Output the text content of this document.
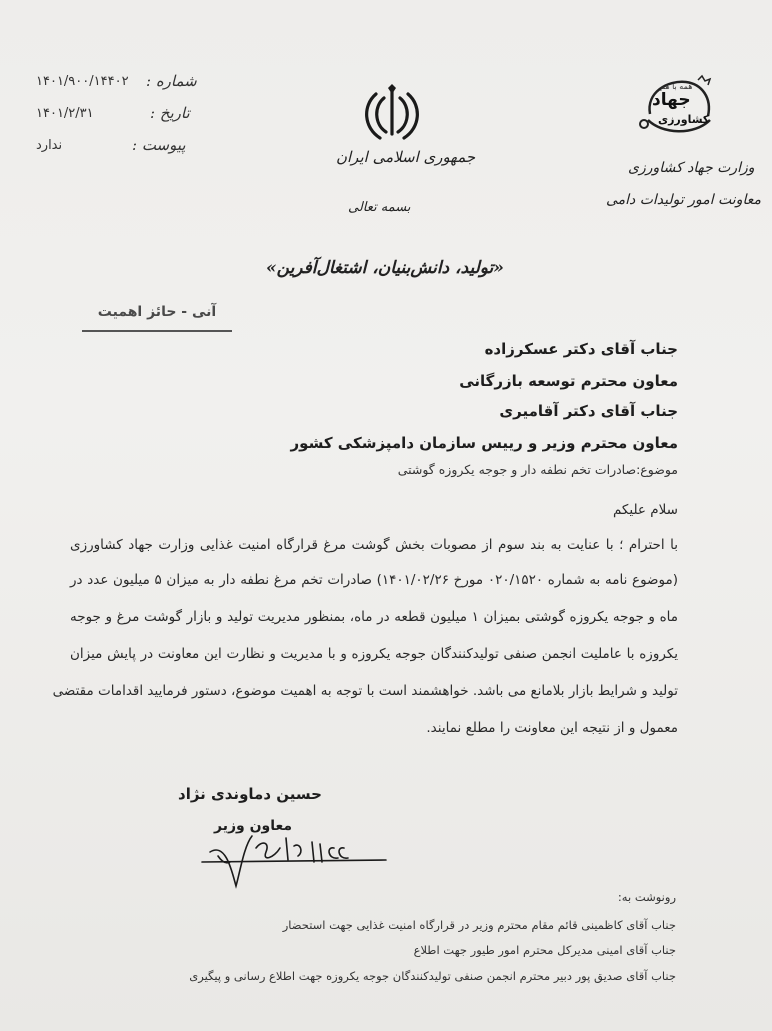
شماره :
۱۴۰۱/۹۰۰/۱۴۴۰۲
تاریخ :
۱۴۰۱/۲/۳۱
پیوست :
ندارد
جمهوری اسلامی ایران
همه با هم
جهاد
کشاورزی
وزارت جهاد کشاورزی
معاونت امور تولیدات دامی
بسمه تعالی
«تولید، دانش‌بنیان، اشتغال‌آفرین»
آنی - حائز اهمیت
جناب آقای دکتر عسکرزاده
معاون محترم توسعه بازرگانی
جناب آقای دکتر آقامیری
معاون محترم وزیر و رییس سازمان دامپزشکی کشور
موضوع:صادرات تخم نطفه دار و جوجه یکروزه گوشتی
سلام علیکم
با احترام ؛ با عنایت به بند سوم از مصوبات بخش گوشت مرغ قرارگاه امنیت غذایی وزارت جهاد کشاورزی
(موضوع نامه به شماره ۰۲۰/۱۵۲۰ مورخ ۱۴۰۱/۰۲/۲۶) صادرات تخم مرغ نطفه دار به میزان ۵ میلیون عدد در
ماه و جوجه یکروزه گوشتی بمیزان ۱ میلیون قطعه در ماه، بمنظور مدیریت تولید و بازار گوشت مرغ و جوجه
یکروزه با عاملیت انجمن صنفی تولیدکنندگان جوجه یکروزه و با مدیریت و نظارت این معاونت در پایش میزان
تولید و شرایط بازار بلامانع می باشد. خواهشمند است با توجه به اهمیت موضوع، دستور فرمایید اقدامات مقتضی
معمول و از نتیجه این معاونت را مطلع نمایند.
حسین دماوندی نژاد
معاون وزیر
رونوشت به:
جناب آقای کاظمینی قائم مقام محترم وزیر در قرارگاه امنیت غذایی جهت استحضار
جناب آقای امینی مدیرکل محترم امور طیور جهت اطلاع
جناب آقای صدیق پور دبیر محترم انجمن صنفی تولیدکنندگان جوجه یکروزه جهت اطلاع رسانی و پیگیری
